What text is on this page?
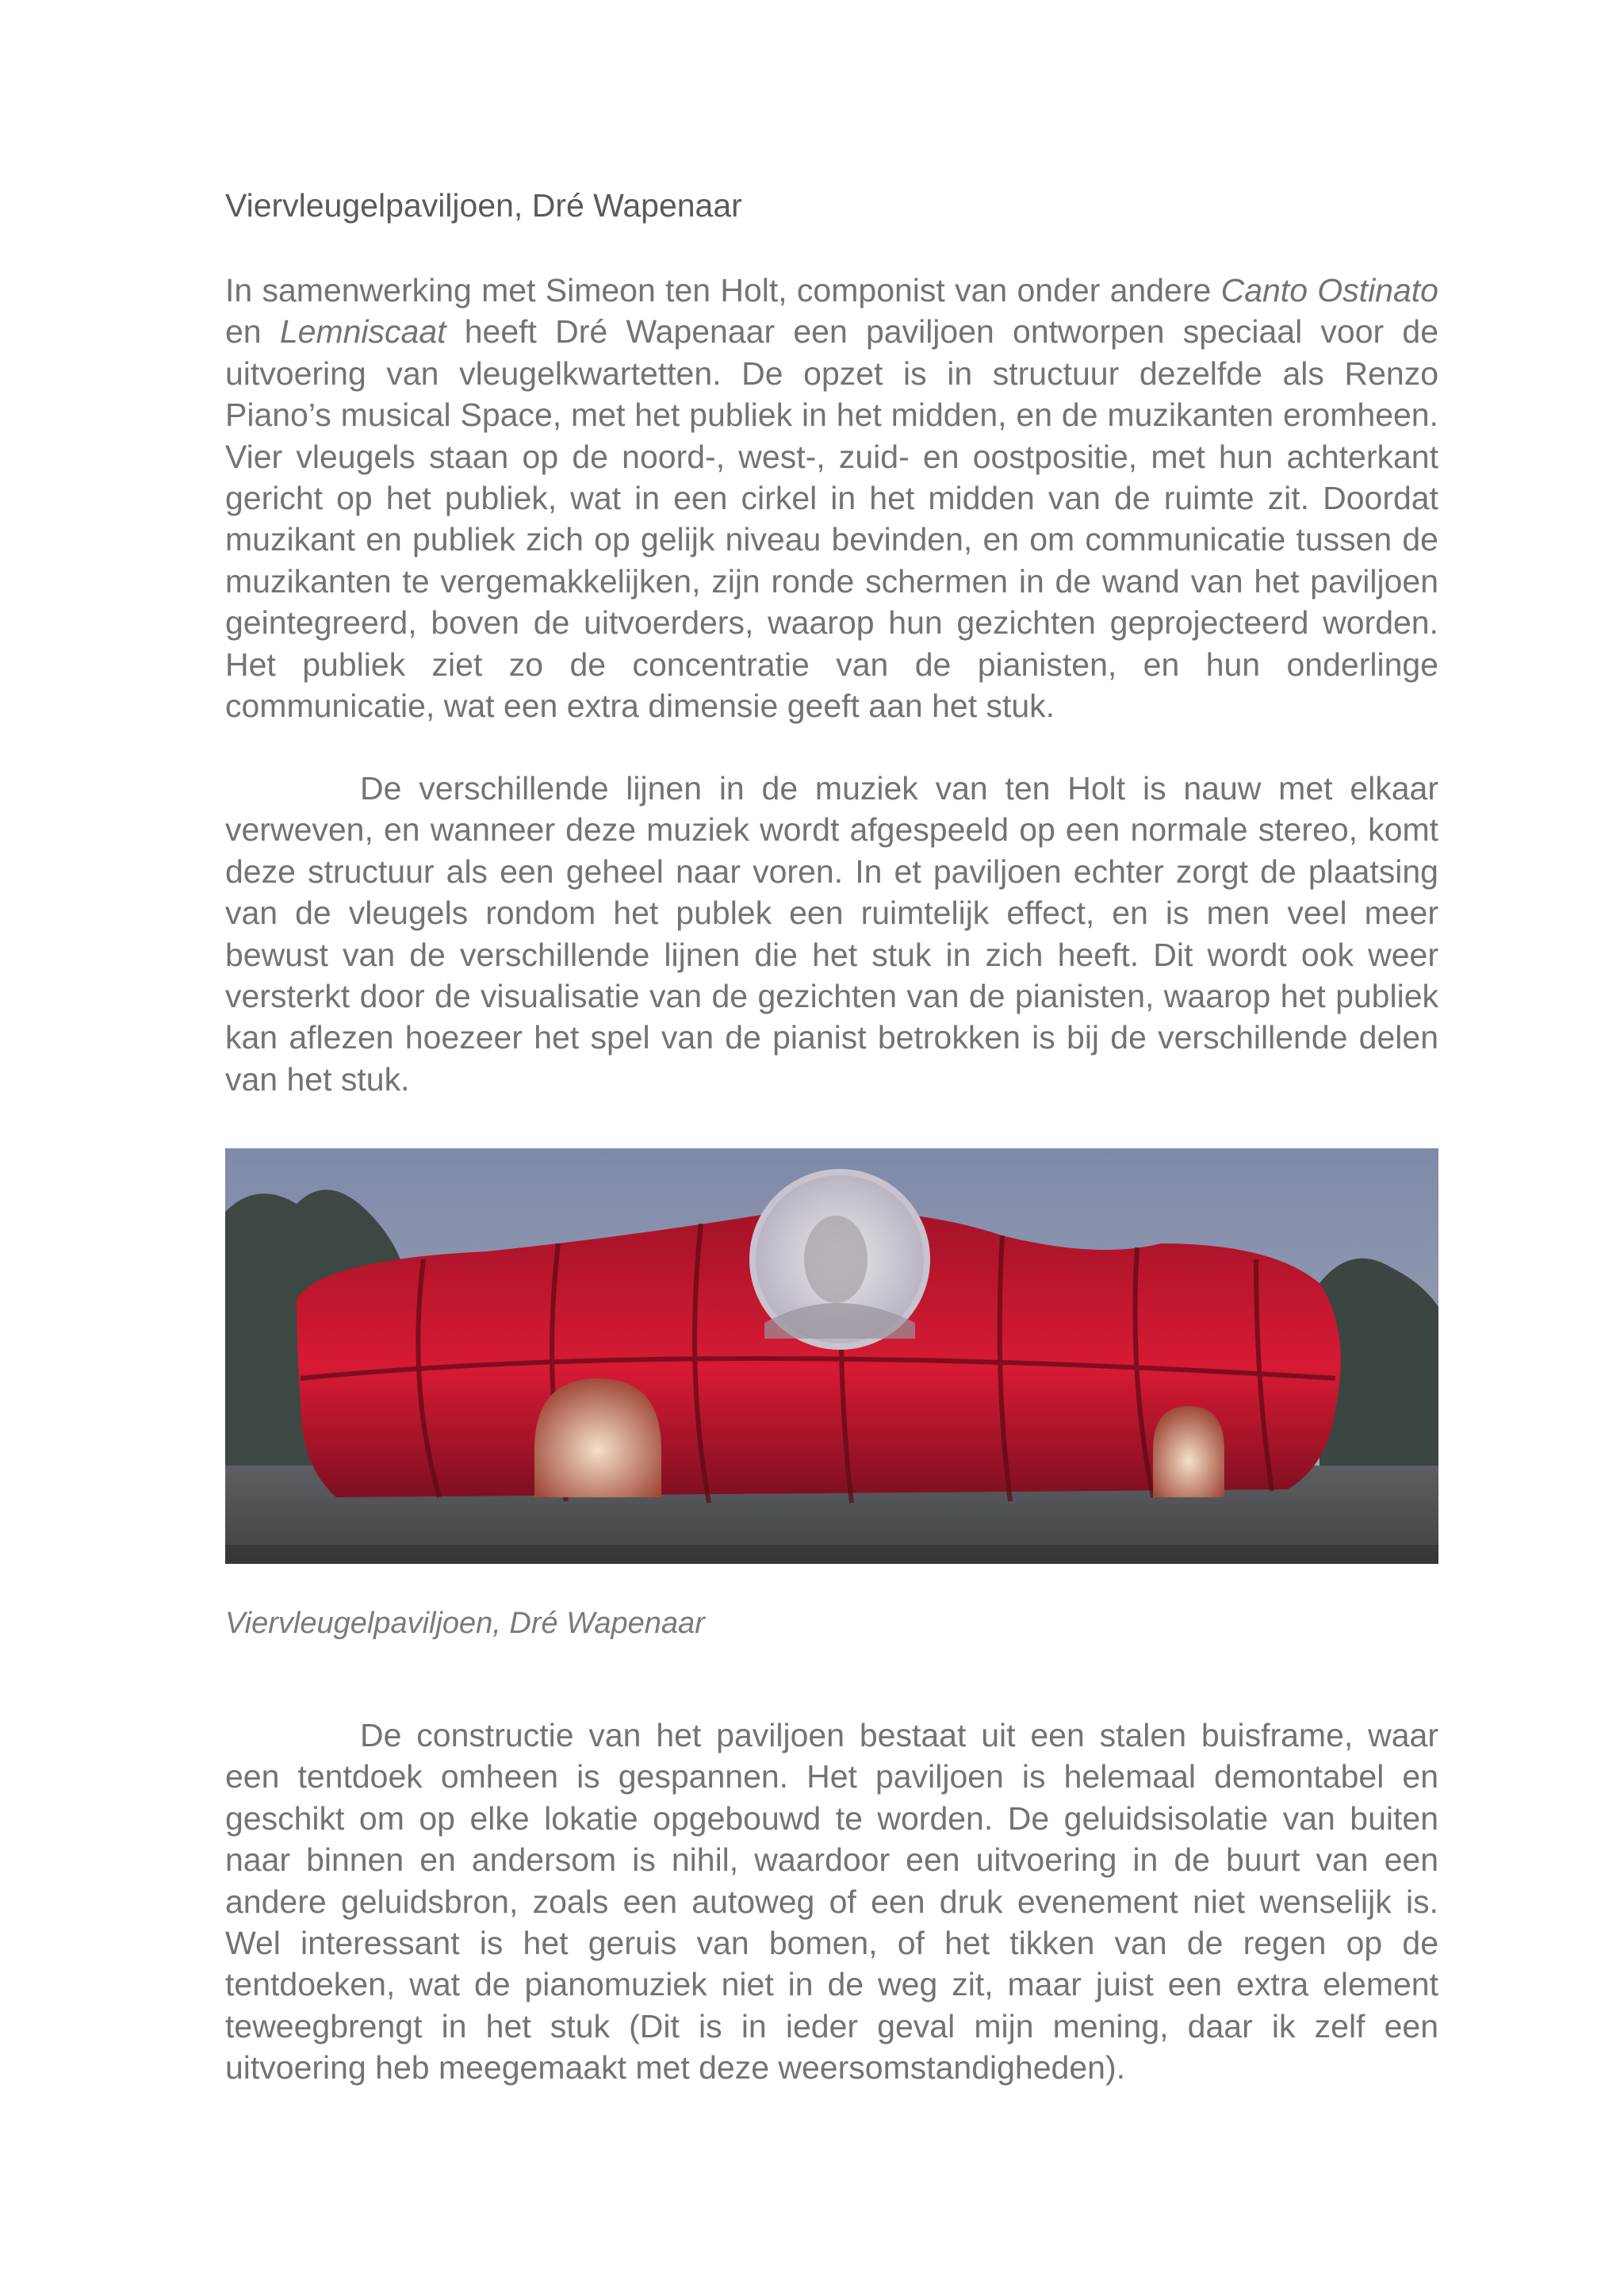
Viervleugelpaviljoen, Dré Wapenaar

In samenwerking met Simeon ten Holt, componist van onder andere Canto Ostinato en Lemniscaat heeft Dré Wapenaar een paviljoen ontworpen speciaal voor de uitvoering van vleugelkwartetten. De opzet is in structuur dezelfde als Renzo Piano’s musical Space, met het publiek in het midden, en de muzikanten eromheen. Vier vleugels staan op de noord-, west-, zuid- en oostpositie, met hun achterkant gericht op het publiek, wat in een cirkel in het midden van de ruimte zit. Doordat muzikant en publiek zich op gelijk niveau bevinden, en om communicatie tussen de muzikanten te vergemakkelijken, zijn ronde schermen in de wand van het paviljoen geintegreerd, boven de uitvoerders, waarop hun gezichten geprojecteerd worden. Het publiek ziet zo de concentratie van de pianisten, en hun onderlinge communicatie, wat een extra dimensie geeft aan het stuk.

De verschillende lijnen in de muziek van ten Holt is nauw met elkaar verweven, en wanneer deze muziek wordt afgespeeld op een normale stereo, komt deze structuur als een geheel naar voren. In et paviljoen echter zorgt de plaatsing van de vleugels rondom het publek een ruimtelijk effect, en is men veel meer bewust van de verschillende lijnen die het stuk in zich heeft. Dit wordt ook weer versterkt door de visualisatie van de gezichten van de pianisten, waarop het publiek kan aflezen hoezeer het spel van de pianist betrokken is bij de verschillende delen van het stuk.

Viervleugelpaviljoen, Dré Wapenaar

De constructie van het paviljoen bestaat uit een stalen buisframe, waar een tentdoek omheen is gespannen. Het paviljoen is helemaal demontabel en geschikt om op elke lokatie opgebouwd te worden. De geluidsisolatie van buiten naar binnen en andersom is nihil, waardoor een uitvoering in de buurt van een andere geluidsbron, zoals een autoweg of een druk evenement niet wenselijk is. Wel interessant is het geruis van bomen, of het tikken van de regen op de tentdoeken, wat de pianomuziek niet in de weg zit, maar juist een extra element teweegbrengt in het stuk (Dit is in ieder geval mijn mening, daar ik zelf een uitvoering heb meegemaakt met deze weersomstandigheden).
